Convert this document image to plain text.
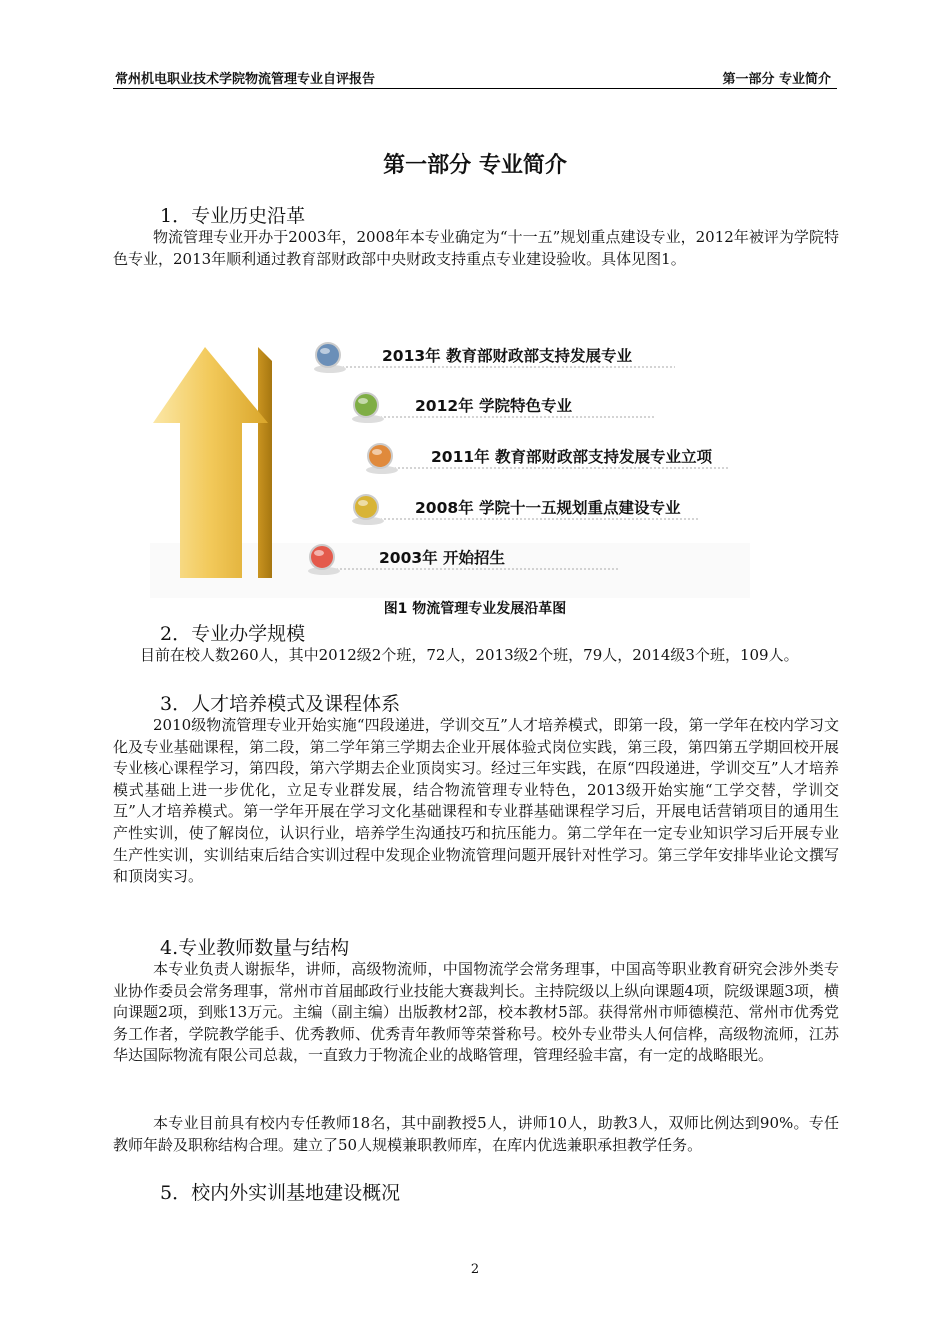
常州机电职业技术学院物流管理专业自评报告	第一部分 专业简介
第一部分 专业简介
1．专业历史沿革

物流管理专业开办于2003年，2008年本专业确定为“十一五”规划重点建设专业，2012年被评为学院特色专业，2013年顺利通过教育部财政部中央财政支持重点专业建设验收。具体见图1。

2013年 教育部财政部支持发展专业
2012年 学院特色专业
2011年 教育部财政部支持发展专业立项
2008年 学院十一五规划重点建设专业
2003年 开始招生
图1 物流管理专业发展沿革图
2．专业办学规模

目前在校人数260人，其中2012级2个班，72人，2013级2个班，79人，2014级3个班，109人。

3．人才培养模式及课程体系

2010级物流管理专业开始实施“四段递进，学训交互”人才培养模式，即第一段，第一学年在校内学习文化及专业基础课程，第二段，第二学年第三学期去企业开展体验式岗位实践，第三段，第四第五学期回校开展专业核心课程学习，第四段，第六学期去企业顶岗实习。经过三年实践，在原“四段递进，学训交互”人才培养模式基础上进一步优化，立足专业群发展，结合物流管理专业特色，2013级开始实施“工学交替，学训交互”人才培养模式。第一学年开展在学习文化基础课程和专业群基础课程学习后，开展电话营销项目的通用生产性实训，使了解岗位，认识行业，培养学生沟通技巧和抗压能力。第二学年在一定专业知识学习后开展专业生产性实训，实训结束后结合实训过程中发现企业物流管理问题开展针对性学习。第三学年安排毕业论文撰写和顶岗实习。

4.专业教师数量与结构

本专业负责人谢振华，讲师，高级物流师，中国物流学会常务理事，中国高等职业教育研究会涉外类专业协作委员会常务理事，常州市首届邮政行业技能大赛裁判长。主持院级以上纵向课题4项，院级课题3项，横向课题2项，到账13万元。主编（副主编）出版教材2部，校本教材5部。获得常州市师德模范、常州市优秀党务工作者，学院教学能手、优秀教师、优秀青年教师等荣誉称号。校外专业带头人何信桦，高级物流师，江苏华达国际物流有限公司总裁，一直致力于物流企业的战略管理，管理经验丰富，有一定的战略眼光。

本专业目前具有校内专任教师18名，其中副教授5人，讲师10人，助教3人，双师比例达到90%。专任教师年龄及职称结构合理。建立了50人规模兼职教师库，在库内优选兼职承担教学任务。

5．校内外实训基地建设概况
2
